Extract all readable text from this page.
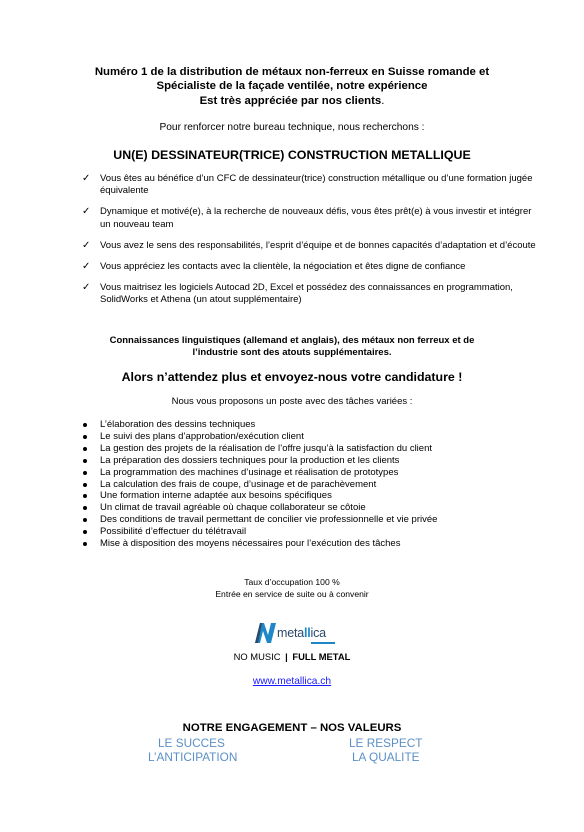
Numéro 1 de la distribution de métaux non-ferreux en Suisse romande et
Spécialiste de la façade ventilée, notre expérience
Est très appréciée par nos clients.
Pour renforcer notre bureau technique, nous recherchons :
UN(E) DESSINATEUR(TRICE) CONSTRUCTION METALLIQUE
✓ Vous êtes au bénéfice d’un CFC de dessinateur(trice) construction métallique ou d’une formation jugée équivalente
✓ Dynamique et motivé(e), à la recherche de nouveaux défis, vous êtes prêt(e) à vous investir et intégrer un nouveau team
✓ Vous avez le sens des responsabilités, l’esprit d’équipe et de bonnes capacités d’adaptation et d’écoute
✓ Vous appréciez les contacts avec la clientèle, la négociation et êtes digne de confiance
✓ Vous maitrisez les logiciels Autocad 2D, Excel et possédez des connaissances en programmation, SolidWorks et Athena (un atout supplémentaire)
Connaissances linguistiques (allemand et anglais), des métaux non ferreux et de
l’industrie sont des atouts supplémentaires.
Alors n’attendez plus et envoyez-nous votre candidature !
Nous vous proposons un poste avec des tâches variées :
L’élaboration des dessins techniques
Le suivi des plans d’approbation/exécution client
La gestion des projets de la réalisation de l’offre jusqu’à la satisfaction du client
La préparation des dossiers techniques pour la production et les clients
La programmation des machines d’usinage et réalisation de prototypes
La calculation des frais de coupe, d’usinage et de parachèvement
Une formation interne adaptée aux besoins spécifiques
Un climat de travail agréable où chaque collaborateur se côtoie
Des conditions de travail permettant de concilier vie professionnelle et vie privée
Possibilité d’effectuer du télétravail
Mise à disposition des moyens nécessaires pour l’exécution des tâches
Taux d’occupation 100 %
Entrée en service de suite ou à convenir
metallica
NO MUSIC | FULL METAL
www.metallica.ch
NOTRE ENGAGEMENT – NOS VALEURS
LE SUCCES	LE RESPECT
L’ANTICIPATION	LA QUALITE
